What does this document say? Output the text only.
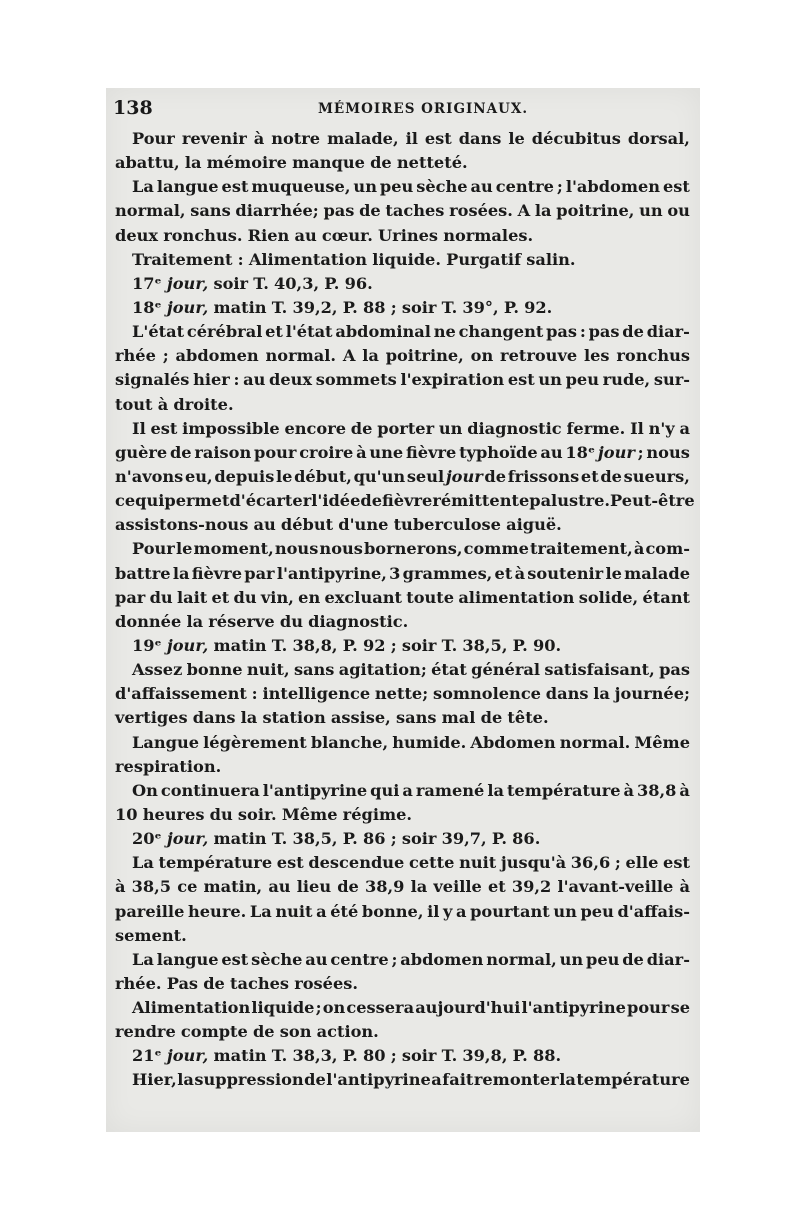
138	MÉMOIRES ORIGINAUX.
Pour revenir à notre malade, il est dans le décubitus dorsal,
abattu, la mémoire manque de netteté.
La langue est muqueuse, un peu sèche au centre ; l'abdomen est
normal, sans diarrhée; pas de taches rosées. A la poitrine, un ou
deux ronchus. Rien au cœur. Urines normales.
Traitement : Alimentation liquide. Purgatif salin.
17ᵉ jour, soir T. 40,3, P. 96.
18ᵉ jour, matin T. 39,2, P. 88 ; soir T. 39°, P. 92.
L'état cérébral et l'état abdominal ne changent pas : pas de diar-
rhée ; abdomen normal. A la poitrine, on retrouve les ronchus
signalés hier : au deux sommets l'expiration est un peu rude, sur-
tout à droite.
Il est impossible encore de porter un diagnostic ferme. Il n'y a
guère de raison pour croire à une fièvre typhoïde au 18ᵉ jour ; nous
n'avons eu, depuis le début, qu'un seul jour de frissons et de sueurs,
ce qui permet d'écarter l'idée de fièvre rémittente palustre. Peut-être
assistons-nous au début d'une tuberculose aiguë.
Pour le moment, nous nous bornerons, comme traitement, à com-
battre la fièvre par l'antipyrine, 3 grammes, et à soutenir le malade
par du lait et du vin, en excluant toute alimentation solide, étant
donnée la réserve du diagnostic.
19ᵉ jour, matin T. 38,8, P. 92 ; soir T. 38,5, P. 90.
Assez bonne nuit, sans agitation; état général satisfaisant, pas
d'affaissement : intelligence nette; somnolence dans la journée;
vertiges dans la station assise, sans mal de tête.
Langue légèrement blanche, humide. Abdomen normal. Même
respiration.
On continuera l'antipyrine qui a ramené la température à 38,8 à
10 heures du soir. Même régime.
20ᵉ jour, matin T. 38,5, P. 86 ; soir 39,7, P. 86.
La température est descendue cette nuit jusqu'à 36,6 ; elle est
à 38,5 ce matin, au lieu de 38,9 la veille et 39,2 l'avant-veille à
pareille heure. La nuit a été bonne, il y a pourtant un peu d'affais-
sement.
La langue est sèche au centre ; abdomen normal, un peu de diar-
rhée. Pas de taches rosées.
Alimentation liquide ; on cessera aujourd'hui l'antipyrine pour se
rendre compte de son action.
21ᵉ jour, matin T. 38,3, P. 80 ; soir T. 39,8, P. 88.
Hier, la suppression de l'antipyrine a fait remonter la température
